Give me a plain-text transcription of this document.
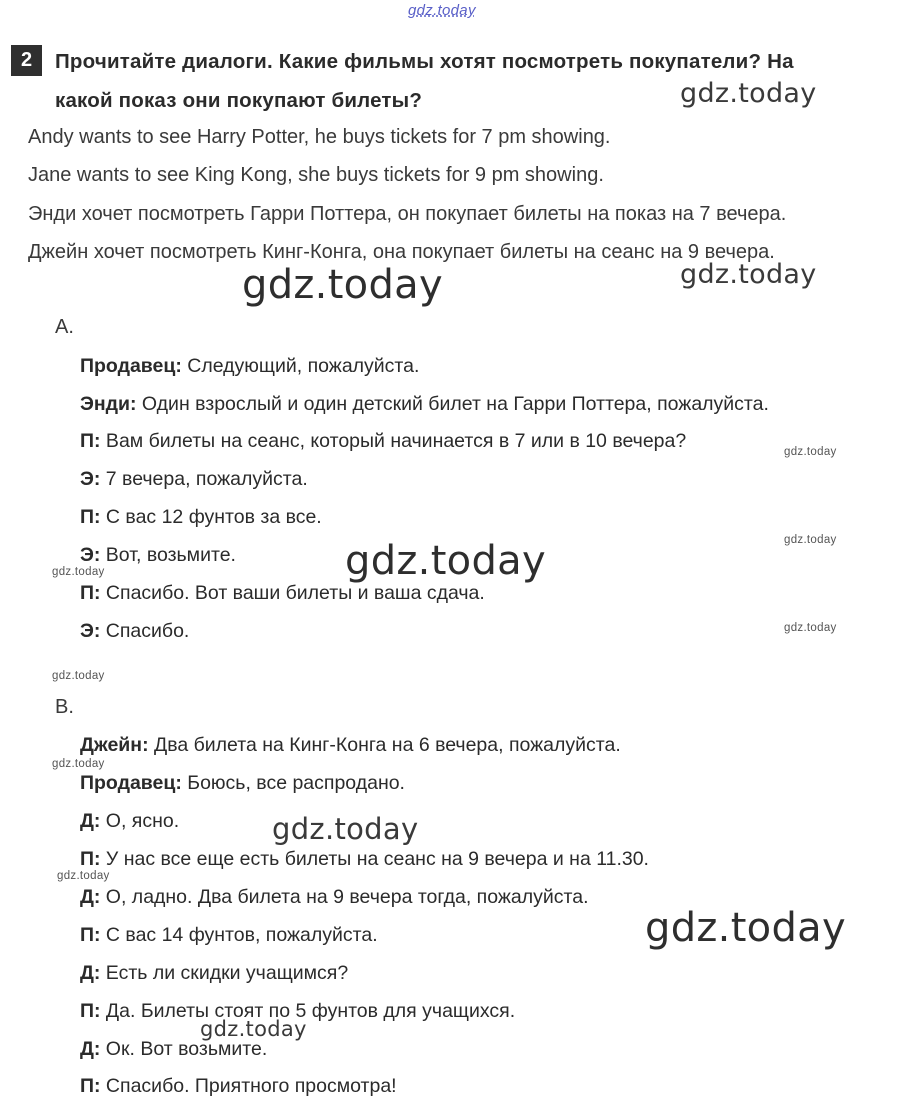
gdz.today
2	Прочитайте диалоги. Какие фильмы хотят посмотреть покупатели? На
какой показ они покупают билеты?
Andy wants to see Harry Potter, he buys tickets for 7 pm showing.
Jane wants to see King Kong, she buys tickets for 9 pm showing.
Энди хочет посмотреть Гарри Поттера, он покупает билеты на показ на 7 вечера.
Джейн хочет посмотреть Кинг-Конга, она покупает билеты на сеанс на 9 вечера.
A.
Продавец: Следующий, пожалуйста.
Энди: Один взрослый и один детский билет на Гарри Поттера, пожалуйста.
П: Вам билеты на сеанс, который начинается в 7 или в 10 вечера?
Э: 7 вечера, пожалуйста.
П: С вас 12 фунтов за все.
Э: Вот, возьмите.
П: Спасибо. Вот ваши билеты и ваша сдача.
Э: Спасибо.
B.
Джейн: Два билета на Кинг-Конга на 6 вечера, пожалуйста.
Продавец: Боюсь, все распродано.
Д: О, ясно.
П: У нас все еще есть билеты на сеанс на 9 вечера и на 11.30.
Д: О, ладно. Два билета на 9 вечера тогда, пожалуйста.
П: С вас 14 фунтов, пожалуйста.
Д: Есть ли скидки учащимся?
П: Да. Билеты стоят по 5 фунтов для учащихся.
Д: Ок. Вот возьмите.
П: Спасибо. Приятного просмотра!
gdz.today
gdz.today	gdz.today
gdz.today
gdz.today
gdz.today
gdz.today
gdz.today
gdz.today
gdz.today
gdz.today
gdz.today
gdz.today
gdz.today
